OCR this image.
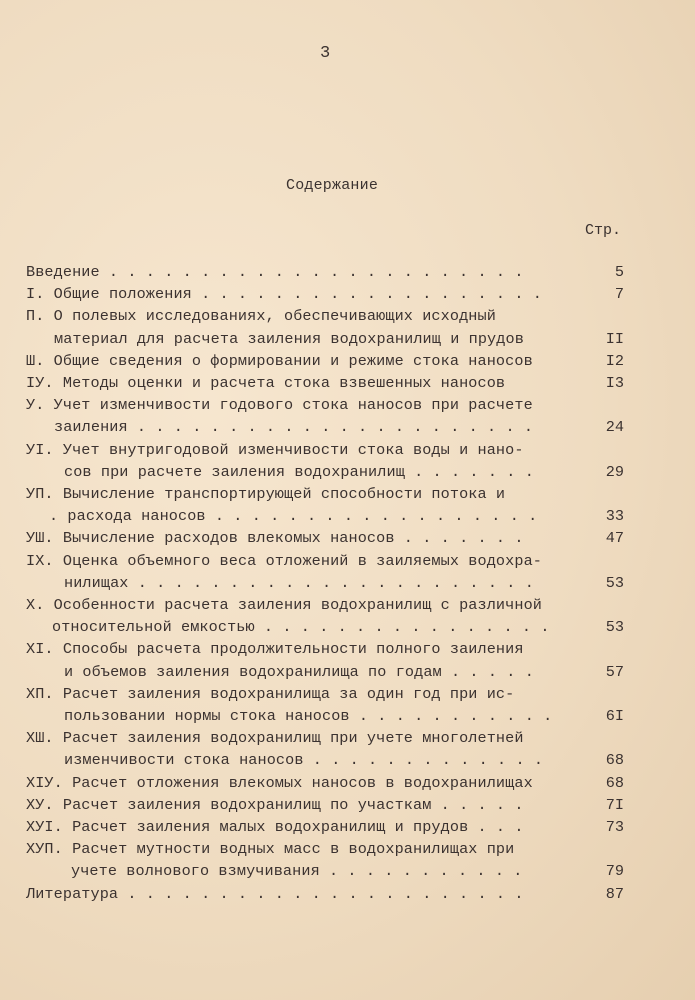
3
Содержание
Стр.
Введение . . . . . . . . . . . . . . . . . . . . . . .	5
I. Общие положения . . . . . . . . . . . . . . . . . . .	7
П. О полевых исследованиях, обеспечивающих исходный
материал для расчета заиления водохранилищ и прудов	II
Ш. Общие сведения о формировании и режиме стока наносов	I2
IУ. Методы оценки и расчета стока взвешенных наносов	I3
У. Учет изменчивости годового стока наносов при расчете
заиления . . . . . . . . . . . . . . . . . . . . . .	24
УI. Учет внутригодовой изменчивости стока воды и нано-
сов при расчете заиления водохранилищ . . . . . . .	29
УП. Вычисление транспортирующей способности потока и
. расхода наносов . . . . . . . . . . . . . . . . . .	33
УШ. Вычисление расходов влекомых наносов . . . . . . .	47
IX. Оценка объемного веса отложений в заиляемых водохра-
нилищах . . . . . . . . . . . . . . . . . . . . . .	53
X. Особенности расчета заиления водохранилищ с различной
относительной емкостью . . . . . . . . . . . . . . . .	53
XI. Способы расчета продолжительности полного заиления
и объемов заиления водохранилища по годам . . . . .	57
XП. Расчет заиления водохранилища за один год при ис-
пользовании нормы стока наносов . . . . . . . . . . .	6I
XШ. Расчет заиления водохранилищ при учете многолетней
изменчивости стока наносов . . . . . . . . . . . . .	68
XIУ. Расчет отложения влекомых наносов в водохранилищах	68
XУ. Расчет заиления водохранилищ по участкам . . . . .	7I
XУI. Расчет заиления малых водохранилищ и прудов . . .	73
XУП. Расчет мутности водных масс в водохранилищах при
учете волнового взмучивания . . . . . . . . . . .	79
Литература . . . . . . . . . . . . . . . . . . . . . .	87
